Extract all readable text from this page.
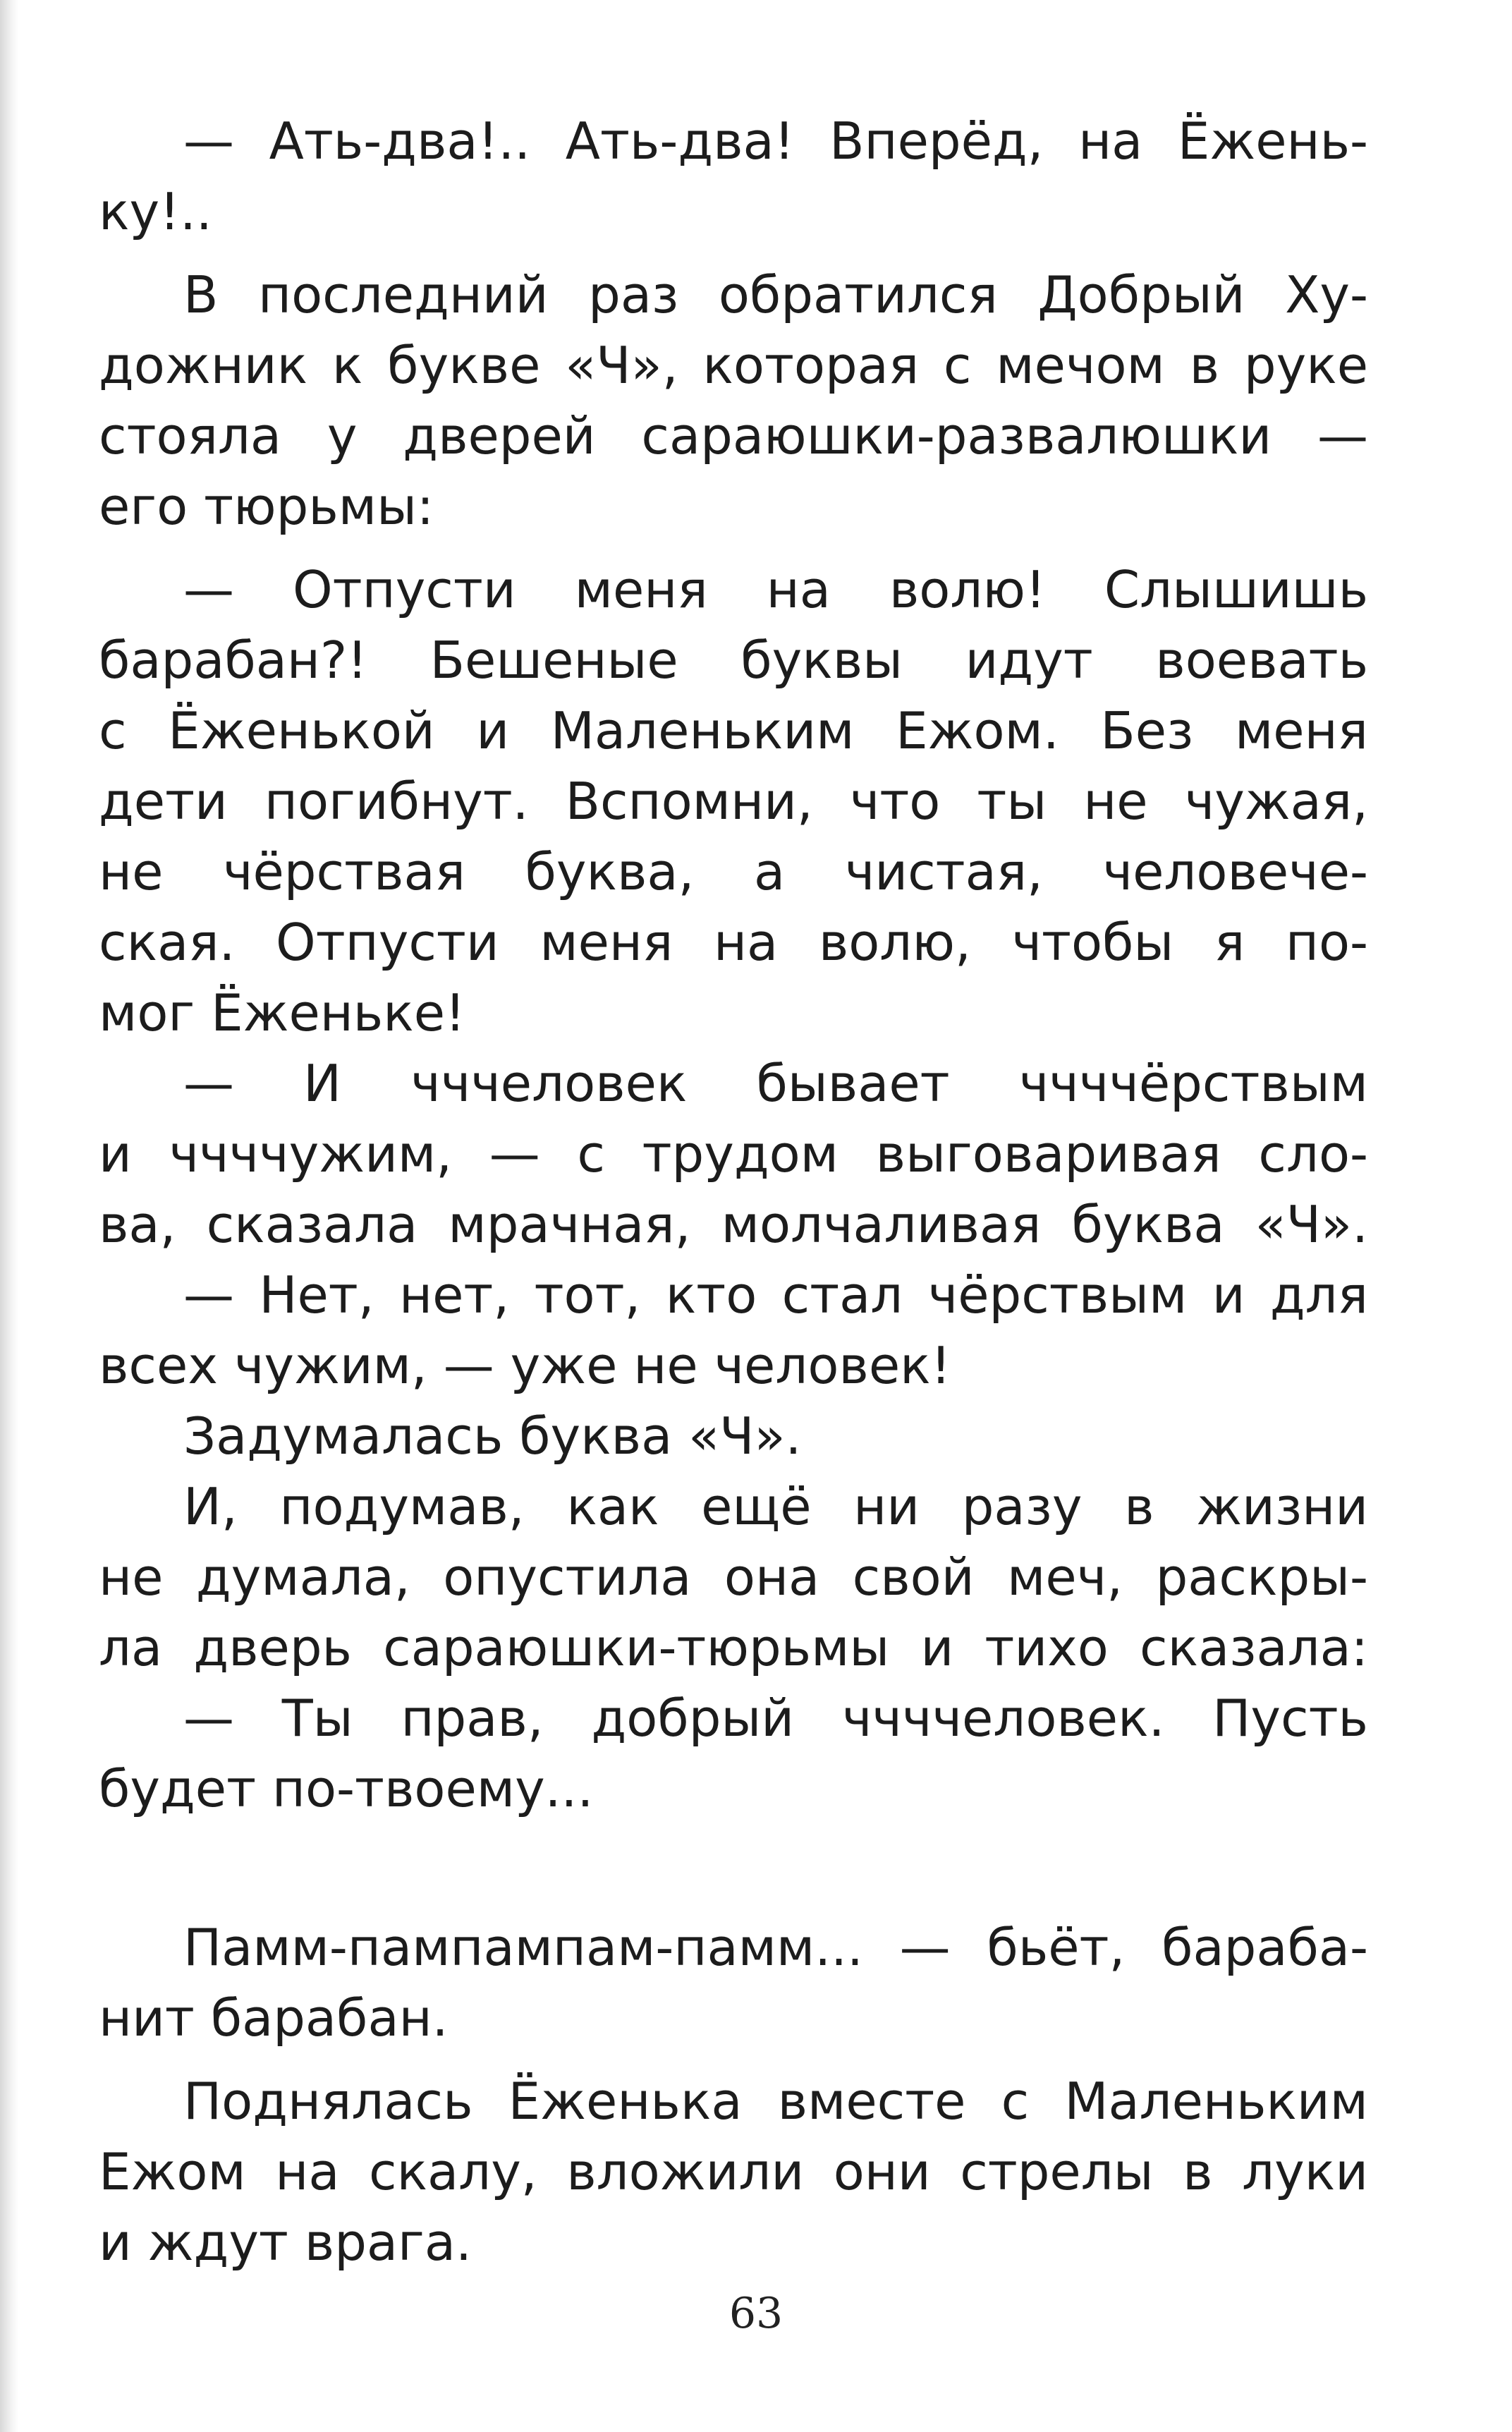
— Ать-два!.. Ать-два! Вперёд, на Ёжень-
ку!..
В последний раз обратился Добрый Ху-
дожник к букве «Ч», которая с мечом в руке
стояла у дверей сараюшки-развалюшки —
его тюрьмы:
— Отпусти меня на волю! Слышишь
барабан?! Бешеные буквы идут воевать
с Ёженькой и Маленьким Ежом. Без меня
дети погибнут. Вспомни, что ты не чужая,
не чёрствая буква, а чистая, человече-
ская. Отпусти меня на волю, чтобы я по-
мог Ёженьке!
— И чччеловек бывает ччччёрствым
и ччччужим, — с трудом выговаривая сло-
ва, сказала мрачная, молчаливая буква «Ч».
— Нет, нет, тот, кто стал чёрствым и для
всех чужим, — уже не человек!
Задумалась буква «Ч».
И, подумав, как ещё ни разу в жизни
не думала, опустила она свой меч, раскры-
ла дверь сараюшки-тюрьмы и тихо сказала:
— Ты прав, добрый ччччеловек. Пусть
будет по-твоему...
Памм-пампампам-памм... — бьёт, бараба-
нит барабан.
Поднялась Ёженька вместе с Маленьким
Ежом на скалу, вложили они стрелы в луки
и ждут врага.
63
